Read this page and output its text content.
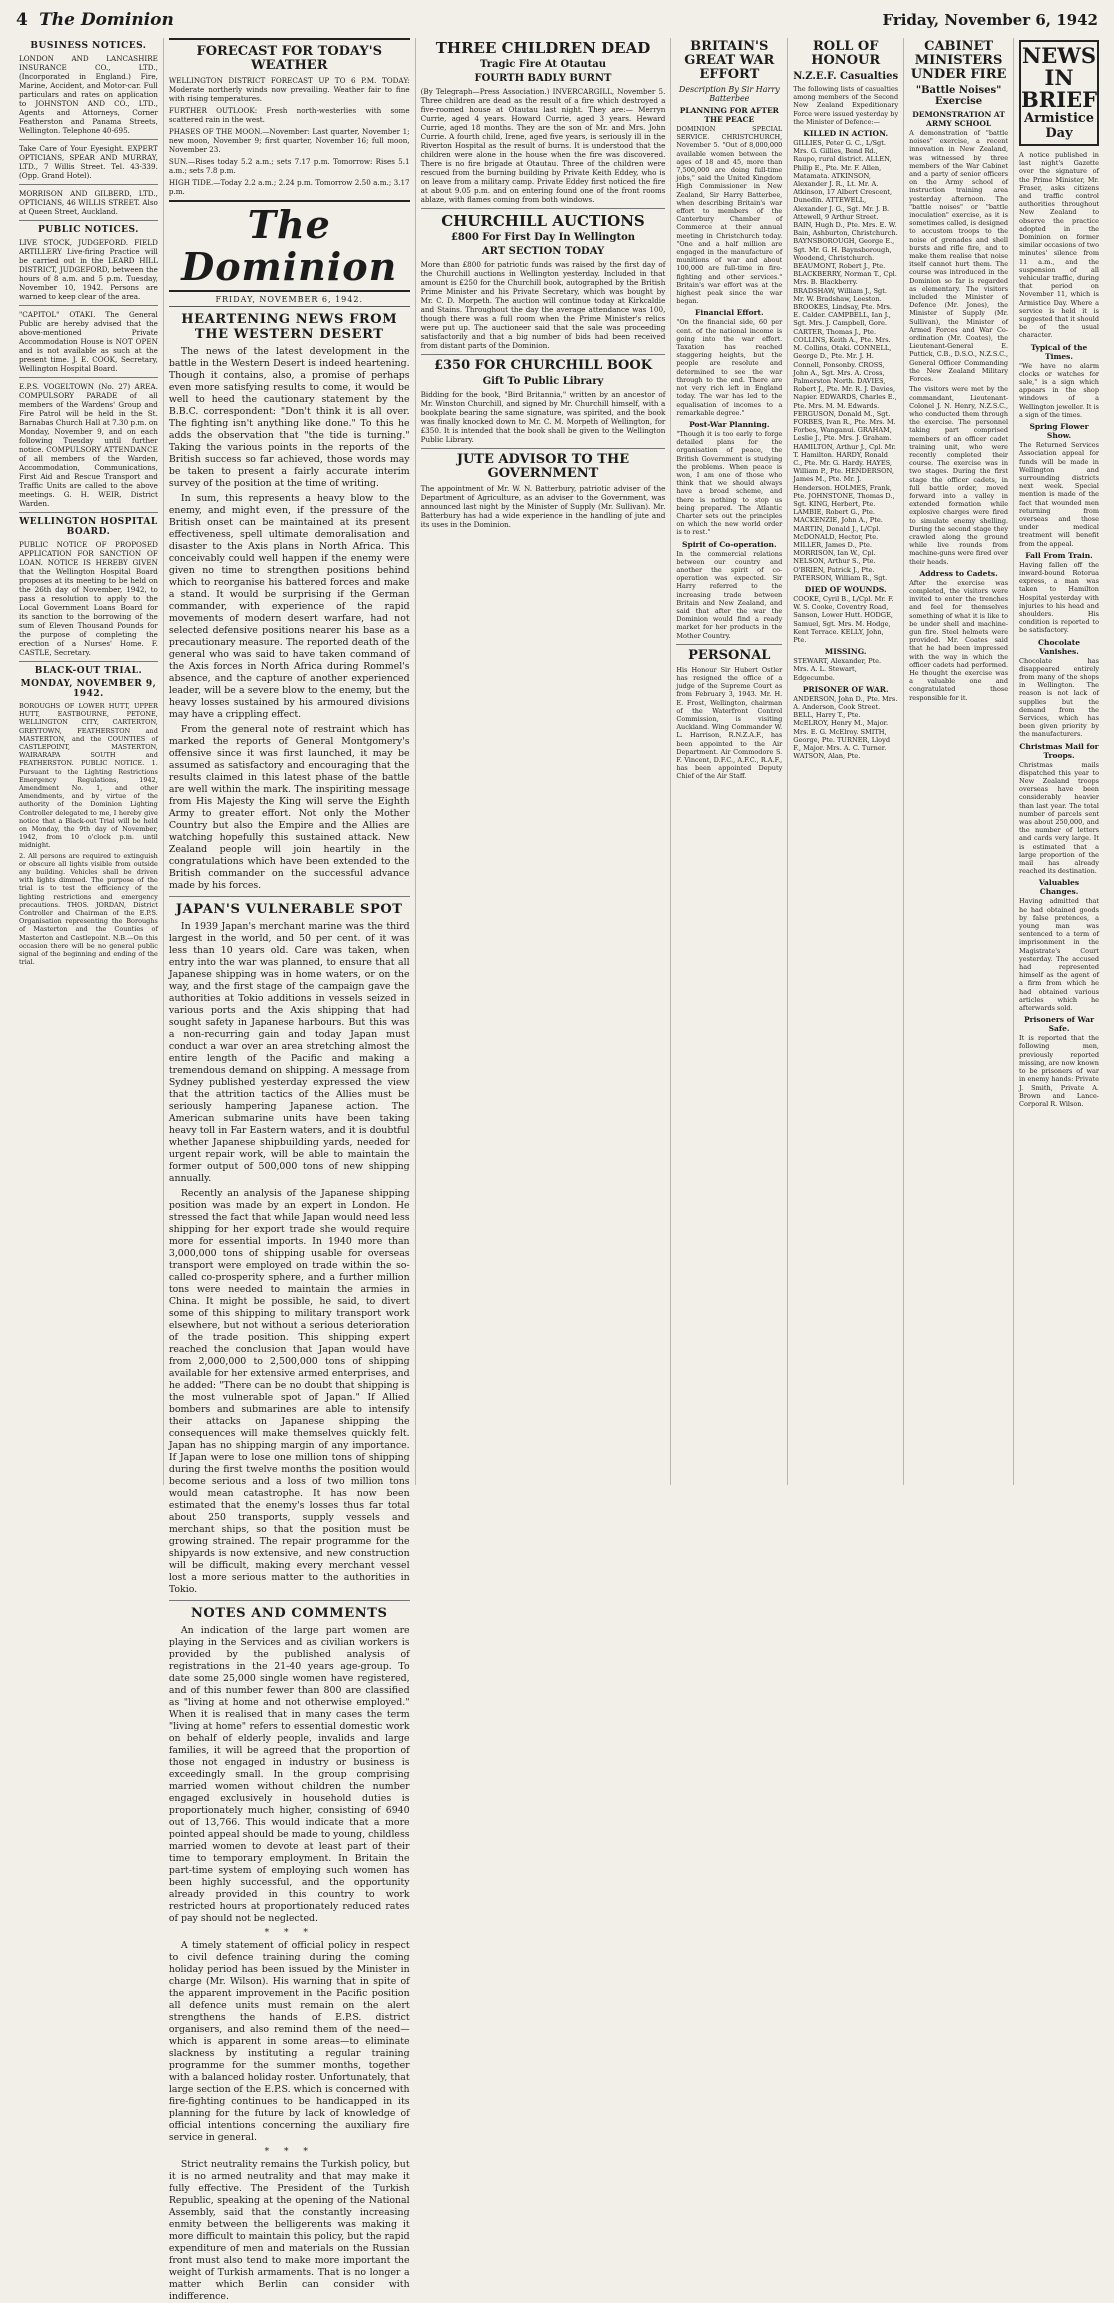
4 The Dominion	Friday, November 6, 1942
BUSINESS NOTICES.

LONDON AND LANCASHIRE INSURANCE CO., LTD., (Incorporated in England.) Fire, Marine, Accident, and Motor-car. Full particulars and rates on application to JOHNSTON AND CO., LTD., Agents and Attorneys, Corner Featherston and Panama Streets, Wellington. Telephone 40-695.

Take Care of Your Eyesight. EXPERT OPTICIANS, SPEAR AND MURRAY, LTD., 7 Willis Street. Tel. 43-339. (Opp. Grand Hotel).

MORRISON AND GILBERD, LTD., OPTICIANS, 46 WILLIS STREET. Also at Queen Street, Auckland.

PUBLIC NOTICES.

LIVE STOCK, JUDGEFORD. FIELD ARTILLERY Live-firing Practice will be carried out in the LEARD HILL DISTRICT, JUDGEFORD, between the hours of 8 a.m. and 5 p.m. Tuesday, November 10, 1942. Persons are warned to keep clear of the area.

"CAPITOL" OTAKI. The General Public are hereby advised that the above-mentioned Private Accommodation House is NOT OPEN and is not available as such at the present time. J. E. COOK, Secretary, Wellington Hospital Board.

E.P.S. VOGELTOWN (No. 27) AREA. COMPULSORY PARADE of all members of the Wardens' Group and Fire Patrol will be held in the St. Barnabas Church Hall at 7.30 p.m. on Monday, November 9, and on each following Tuesday until further notice. COMPULSORY ATTENDANCE of all members of the Warden, Accommodation, Communications, First Aid and Rescue Transport and Traffic Units are called to the above meetings. G. H. WEIR, District Warden.

WELLINGTON HOSPITAL BOARD.

PUBLIC NOTICE OF PROPOSED APPLICATION FOR SANCTION OF LOAN. NOTICE IS HEREBY GIVEN that the Wellington Hospital Board proposes at its meeting to be held on the 26th day of November, 1942, to pass a resolution to apply to the Local Government Loans Board for its sanction to the borrowing of the sum of Eleven Thousand Pounds for the purpose of completing the erection of a Nurses' Home. F. CASTLE, Secretary.

BLACK-OUT TRIAL.
MONDAY, NOVEMBER 9, 1942.

BOROUGHS OF LOWER HUTT, UPPER HUTT, EASTBOURNE, PETONE, WELLINGTON CITY, CARTERTON, GREYTOWN, FEATHERSTON and MASTERTON, and the COUNTIES of CASTLEPOINT, MASTERTON, WAIRARAPA SOUTH and FEATHERSTON. PUBLIC NOTICE. 1. Pursuant to the Lighting Restrictions Emergency Regulations, 1942, Amendment No. 1, and other Amendments, and by virtue of the authority of the Dominion Lighting Controller delegated to me, I hereby give notice that a Black-out Trial will be held on Monday, the 9th day of November, 1942, from 10 o'clock p.m. until midnight.

2. All persons are required to extinguish or obscure all lights visible from outside any building. Vehicles shall be driven with lights dimmed. The purpose of the trial is to test the efficiency of the lighting restrictions and emergency precautions. THOS. JORDAN, District Controller and Chairman of the E.P.S. Organisation representing the Boroughs of Masterton and the Counties of Masterton and Castlepoint. N.B.—On this occasion there will be no general public signal of the beginning and ending of the trial.

FORECAST FOR TODAY'S WEATHER

WELLINGTON DISTRICT FORECAST UP TO 6 P.M. TODAY: Moderate northerly winds now prevailing. Weather fair to fine with rising temperatures.

FURTHER OUTLOOK: Fresh north-westerlies with some scattered rain in the west.

PHASES OF THE MOON.—November: Last quarter, November 1; new moon, November 9; first quarter, November 16; full moon, November 23.

SUN.—Rises today 5.2 a.m.; sets 7.17 p.m. Tomorrow: Rises 5.1 a.m.; sets 7.8 p.m.

HIGH TIDE.—Today 2.2 a.m.; 2.24 p.m. Tomorrow 2.50 a.m.; 3.17 p.m.

The Dominion
FRIDAY, NOVEMBER 6, 1942.
HEARTENING NEWS FROM THE WESTERN DESERT

The news of the latest development in the battle in the Western Desert is indeed heartening. Though it contains, also, a promise of perhaps even more satisfying results to come, it would be well to heed the cautionary statement by the B.B.C. correspondent: "Don't think it is all over. The fighting isn't anything like done." To this he adds the observation that "the tide is turning." Taking the various points in the reports of the British success so far achieved, those words may be taken to present a fairly accurate interim survey of the position at the time of writing.

In sum, this represents a heavy blow to the enemy, and might even, if the pressure of the British onset can be maintained at its present effectiveness, spell ultimate demoralisation and disaster to the Axis plans in North Africa. This conceivably could well happen if the enemy were given no time to strengthen positions behind which to reorganise his battered forces and make a stand. It would be surprising if the German commander, with experience of the rapid movements of modern desert warfare, had not selected defensive positions nearer his base as a precautionary measure. The reported death of the general who was said to have taken command of the Axis forces in North Africa during Rommel's absence, and the capture of another experienced leader, will be a severe blow to the enemy, but the heavy losses sustained by his armoured divisions may have a crippling effect.

From the general note of restraint which has marked the reports of General Montgomery's offensive since it was first launched, it may be assumed as satisfactory and encouraging that the results claimed in this latest phase of the battle are well within the mark. The inspiriting message from His Majesty the King will serve the Eighth Army to greater effort. Not only the Mother Country but also the Empire and the Allies are watching hopefully this sustained attack. New Zealand people will join heartily in the congratulations which have been extended to the British commander on the successful advance made by his forces.

JAPAN'S VULNERABLE SPOT

In 1939 Japan's merchant marine was the third largest in the world, and 50 per cent. of it was less than 10 years old. Care was taken, when entry into the war was planned, to ensure that all Japanese shipping was in home waters, or on the way, and the first stage of the campaign gave the authorities at Tokio additions in vessels seized in various ports and the Axis shipping that had sought safety in Japanese harbours. But this was a non-recurring gain and today Japan must conduct a war over an area stretching almost the entire length of the Pacific and making a tremendous demand on shipping. A message from Sydney published yesterday expressed the view that the attrition tactics of the Allies must be seriously hampering Japanese action. The American submarine units have been taking heavy toll in Far Eastern waters, and it is doubtful whether Japanese shipbuilding yards, needed for urgent repair work, will be able to maintain the former output of 500,000 tons of new shipping annually.

Recently an analysis of the Japanese shipping position was made by an expert in London. He stressed the fact that while Japan would need less shipping for her export trade she would require more for essential imports. In 1940 more than 3,000,000 tons of shipping usable for overseas transport were employed on trade within the so-called co-prosperity sphere, and a further million tons were needed to maintain the armies in China. It might be possible, he said, to divert some of this shipping to military transport work elsewhere, but not without a serious deterioration of the trade position. This shipping expert reached the conclusion that Japan would have from 2,000,000 to 2,500,000 tons of shipping available for her extensive armed enterprises, and he added: "There can be no doubt that shipping is the most vulnerable spot of Japan." If Allied bombers and submarines are able to intensify their attacks on Japanese shipping the consequences will make themselves quickly felt. Japan has no shipping margin of any importance. If Japan were to lose one million tons of shipping during the first twelve months the position would become serious and a loss of two million tons would mean catastrophe. It has now been estimated that the enemy's losses thus far total about 250 transports, supply vessels and merchant ships, so that the position must be growing strained. The repair programme for the shipyards is now extensive, and new construction will be difficult, making every merchant vessel lost a more serious matter to the authorities in Tokio.

NOTES AND COMMENTS

An indication of the large part women are playing in the Services and as civilian workers is provided by the published analysis of registrations in the 21-40 years age-group. To date some 25,000 single women have registered, and of this number fewer than 800 are classified as "living at home and not otherwise employed." When it is realised that in many cases the term "living at home" refers to essential domestic work on behalf of elderly people, invalids and large families, it will be agreed that the proportion of those not engaged in industry or business is exceedingly small. In the group comprising married women without children the number engaged exclusively in household duties is proportionately much higher, consisting of 6940 out of 13,766. This would indicate that a more pointed appeal should be made to young, childless married women to devote at least part of their time to temporary employment. In Britain the part-time system of employing such women has been highly successful, and the opportunity already provided in this country to work restricted hours at proportionately reduced rates of pay should not be neglected.

* * *

A timely statement of official policy in respect to civil defence training during the coming holiday period has been issued by the Minister in charge (Mr. Wilson). His warning that in spite of the apparent improvement in the Pacific position all defence units must remain on the alert strengthens the hands of E.P.S. district organisers, and also remind them of the need—which is apparent in some areas—to eliminate slackness by instituting a regular training programme for the summer months, together with a balanced holiday roster. Unfortunately, that large section of the E.P.S. which is concerned with fire-fighting continues to be handicapped in its planning for the future by lack of knowledge of official intentions concerning the auxiliary fire service in general.

* * *

Strict neutrality remains the Turkish policy, but it is no armed neutrality and that may make it fully effective. The President of the Turkish Republic, speaking at the opening of the National Assembly, said that the constantly increasing enmity between the belligerents was making it more difficult to maintain this policy, but the rapid expenditure of men and materials on the Russian front must also tend to make more important the weight of Turkish armaments. That is no longer a matter which Berlin can consider with indifference.

THREE CHILDREN DEAD
Tragic Fire At Otautau
FOURTH BADLY BURNT

(By Telegraph—Press Association.) INVERCARGILL, November 5. Three children are dead as the result of a fire which destroyed a five-roomed house at Otautau last night. They are:— Merryn Currie, aged 4 years. Howard Currie, aged 3 years. Heward Currie, aged 18 months. They are the son of Mr. and Mrs. John Currie. A fourth child, Irene, aged five years, is seriously ill in the Riverton Hospital as the result of burns. It is understood that the children were alone in the house when the fire was discovered. There is no fire brigade at Otautau. Three of the children were rescued from the burning building by Private Keith Eddey, who is on leave from a military camp. Private Eddey first noticed the fire at about 9.05 p.m. and on entering found one of the front rooms ablaze, with flames coming from both windows.

CHURCHILL AUCTIONS
£800 For First Day In Wellington
ART SECTION TODAY

More than £800 for patriotic funds was raised by the first day of the Churchill auctions in Wellington yesterday. Included in that amount is £250 for the Churchill book, autographed by the British Prime Minister and his Private Secretary, which was bought by Mr. C. D. Morpeth. The auction will continue today at Kirkcaldie and Stains. Throughout the day the average attendance was 100, though there was a full room when the Prime Minister's relics were put up. The auctioneer said that the sale was proceeding satisfactorily and that a big number of bids had been received from distant parts of the Dominion.

£350 FOR CHURCHILL BOOK
Gift To Public Library

Bidding for the book, "Bird Britannia," written by an ancestor of Mr. Winston Churchill, and signed by Mr. Churchill himself, with a bookplate bearing the same signature, was spirited, and the book was finally knocked down to Mr. C. M. Morpeth of Wellington, for £350. It is intended that the book shall be given to the Wellington Public Library.

JUTE ADVISOR TO THE GOVERNMENT

The appointment of Mr. W. N. Batterbury, patriotic adviser of the Department of Agriculture, as an adviser to the Government, was announced last night by the Minister of Supply (Mr. Sullivan). Mr. Batterbury has had a wide experience in the handling of jute and its uses in the Dominion.

BRITAIN'S GREAT WAR EFFORT
Description By Sir Harry Batterbee
PLANNING FOR AFTER THE PEACE

DOMINION SPECIAL SERVICE. CHRISTCHURCH, November 5. "Out of 8,000,000 available women between the ages of 18 and 45, more than 7,500,000 are doing full-time jobs," said the United Kingdom High Commissioner in New Zealand, Sir Harry Batterbee, when describing Britain's war effort to members of the Canterbury Chamber of Commerce at their annual meeting in Christchurch today. "One and a half million are engaged in the manufacture of munitions of war and about 100,000 are full-time in fire-fighting and other services." Britain's war effort was at the highest peak since the war began.

Financial Effort.

"On the financial side, 60 per cent. of the national income is going into the war effort. Taxation has reached staggering heights, but the people are resolute and determined to see the war through to the end. There are not very rich left in England today. The war has led to the equalisation of incomes to a remarkable degree."

Post-War Planning.

"Though it is too early to forge detailed plans for the organisation of peace, the British Government is studying the problems. When peace is won, I am one of those who think that we should always have a broad scheme, and there is nothing to stop us being prepared. The Atlantic Charter sets out the principles on which the new world order is to rest."

Spirit of Co-operation.

In the commercial relations between our country and another the spirit of co-operation was expected. Sir Harry referred to the increasing trade between Britain and New Zealand, and said that after the war the Dominion would find a ready market for her products in the Mother Country.

PERSONAL

His Honour Sir Hubert Ostler has resigned the office of a judge of the Supreme Court as from February 3, 1943. Mr. H. E. Frost, Wellington, chairman of the Waterfront Control Commission, is visiting Auckland. Wing Commander W. L. Harrison, R.N.Z.A.F., has been appointed to the Air Department. Air Commodore S. F. Vincent, D.F.C., A.F.C., R.A.F., has been appointed Deputy Chief of the Air Staff.

ROLL OF HONOUR
N.Z.E.F. Casualties

The following lists of casualties among members of the Second New Zealand Expeditionary Force were issued yesterday by the Minister of Defence:—

KILLED IN ACTION.

GILLIES, Peter G. C., L/Sgt. Mrs. G. Gillies, Bend Rd., Raupo, rural district. ALLEN, Philip E., Pte. Mr. F. Allen, Matamata. ATKINSON, Alexander J. R., Lt. Mr. A. Atkinson, 17 Albert Crescent, Dunedin. ATTEWELL, Alexander J. G., Sgt. Mr. J. B. Attewell, 9 Arthur Street. BAIN, Hugh D., Pte. Mrs. E. W. Bain, Ashburton, Christchurch. BAYNSBOROUGH, George E., Sgt. Mr. G. H. Baynsborough, Woodend, Christchurch. BEAUMONT, Robert J., Pte. BLACKBERRY, Norman T., Cpl. Mrs. B. Blackberry. BRADSHAW, William J., Sgt. Mr. W. Bradshaw, Leeston. BROOKES, Lindsay, Pte. Mrs. E. Calder. CAMPBELL, Ian J., Sgt. Mrs. J. Campbell, Gore. CARTER, Thomas J., Pte. COLLINS, Keith A., Pte. Mrs. M. Collins, Otaki. CONNELL, George D., Pte. Mr. J. H. Connell, Ponsonby. CROSS, John A., Sgt. Mrs. A. Cross, Palmerston North. DAVIES, Robert J., Pte. Mr. R. J. Davies, Napier. EDWARDS, Charles E., Pte. Mrs. M. M. Edwards. FERGUSON, Donald M., Sgt. FORBES, Ivan R., Pte. Mrs. M. Forbes, Wanganui. GRAHAM, Leslie J., Pte. Mrs. J. Graham. HAMILTON, Arthur J., Cpl. Mr. T. Hamilton. HARDY, Ronald C., Pte. Mr. G. Hardy. HAYES, William P., Pte. HENDERSON, James M., Pte. Mr. J. Henderson. HOLMES, Frank, Pte. JOHNSTONE, Thomas D., Sgt. KING, Herbert, Pte. LAMBIE, Robert G., Pte. MACKENZIE, John A., Pte. MARTIN, Donald J., L/Cpl. McDONALD, Hector, Pte. MILLER, James D., Pte. MORRISON, Ian W., Cpl. NELSON, Arthur S., Pte. O'BRIEN, Patrick J., Pte. PATERSON, William R., Sgt.

DIED OF WOUNDS.

COOKE, Cyril B., L/Cpl. Mr. F. W. S. Cooke, Coventry Road, Sanson, Lower Hutt. HODGE, Samuel, Sgt. Mrs. M. Hodge, Kent Terrace. KELLY, John, Pte.

MISSING.

STEWART, Alexander, Pte. Mrs. A. L. Stewart, Edgecumbe.

PRISONER OF WAR.

ANDERSON, John D., Pte. Mrs. A. Anderson, Cook Street. BELL, Harry T., Pte. McELROY, Henry M., Major. Mrs. E. G. McElroy. SMITH, George, Pte. TURNER, Lloyd F., Major. Mrs. A. C. Turner. WATSON, Alan, Pte.

CABINET MINISTERS UNDER FIRE
"Battle Noises" Exercise
DEMONSTRATION AT ARMY SCHOOL

A demonstration of "battle noises" exercise, a recent innovation in New Zealand, was witnessed by three members of the War Cabinet and a party of senior officers on the Army school of instruction training area yesterday afternoon. The "battle noises" or "battle inoculation" exercise, as it is sometimes called, is designed to accustom troops to the noise of grenades and shell bursts and rifle fire, and to make them realise that noise itself cannot hurt them. The course was introduced in the Dominion so far is regarded as elementary. The visitors included the Minister of Defence (Mr. Jones), the Minister of Supply (Mr. Sullivan), the Minister of Armed Forces and War Co-ordination (Mr. Coates), the Lieutenant-General E. Puttick, C.B., D.S.O., N.Z.S.C., General Officer Commanding the New Zealand Military Forces.

The visitors were met by the commandant, Lieutenant-Colonel J. N. Henry, N.Z.S.C., who conducted them through the exercise. The personnel taking part comprised members of an officer cadet training unit, who were recently completed their course. The exercise was in two stages. During the first stage the officer cadets, in full battle order, moved forward into a valley in extended formation while explosive charges were fired to simulate enemy shelling. During the second stage they crawled along the ground while live rounds from machine-guns were fired over their heads.

Address to Cadets.

After the exercise was completed, the visitors were invited to enter the trenches and feel for themselves something of what it is like to be under shell and machine-gun fire. Steel helmets were provided. Mr. Coates said that he had been impressed with the way in which the officer cadets had performed. He thought the exercise was a valuable one and congratulated those responsible for it.

NEWS IN BRIEF
Armistice Day

A notice published in last night's Gazette over the signature of the Prime Minister, Mr. Fraser, asks citizens and traffic control authorities throughout New Zealand to observe the practice adopted in the Dominion on former similar occasions of two minutes' silence from 11 a.m., and the suspension of all vehicular traffic, during that period on November 11, which is Armistice Day. Where a service is held it is suggested that it should be of the usual character.

Typical of the Times.

"We have no alarm clocks or watches for sale," is a sign which appears in the shop windows of a Wellington jeweller. It is a sign of the times.

Spring Flower Show.

The Returned Services Association appeal for funds will be made in Wellington and surrounding districts next week. Special mention is made of the fact that wounded men returning from overseas and those under medical treatment will benefit from the appeal.

Fall From Train.

Having fallen off the inward-bound Rotorua express, a man was taken to Hamilton Hospital yesterday with injuries to his head and shoulders. His condition is reported to be satisfactory.

Chocolate Vanishes.

Chocolate has disappeared entirely from many of the shops in Wellington. The reason is not lack of supplies but the demand from the Services, which has been given priority by the manufacturers.

Christmas Mail for Troops.

Christmas mails dispatched this year to New Zealand troops overseas have been considerably heavier than last year. The total number of parcels sent was about 250,000, and the number of letters and cards very large. It is estimated that a large proportion of the mail has already reached its destination.

Valuables Changes.

Having admitted that he had obtained goods by false pretences, a young man was sentenced to a term of imprisonment in the Magistrate's Court yesterday. The accused had represented himself as the agent of a firm from which he had obtained various articles which he afterwards sold.

Prisoners of War Safe.

It is reported that the following men, previously reported missing, are now known to be prisoners of war in enemy hands: Private J. Smith, Private A. Brown and Lance-Corporal R. Wilson.
